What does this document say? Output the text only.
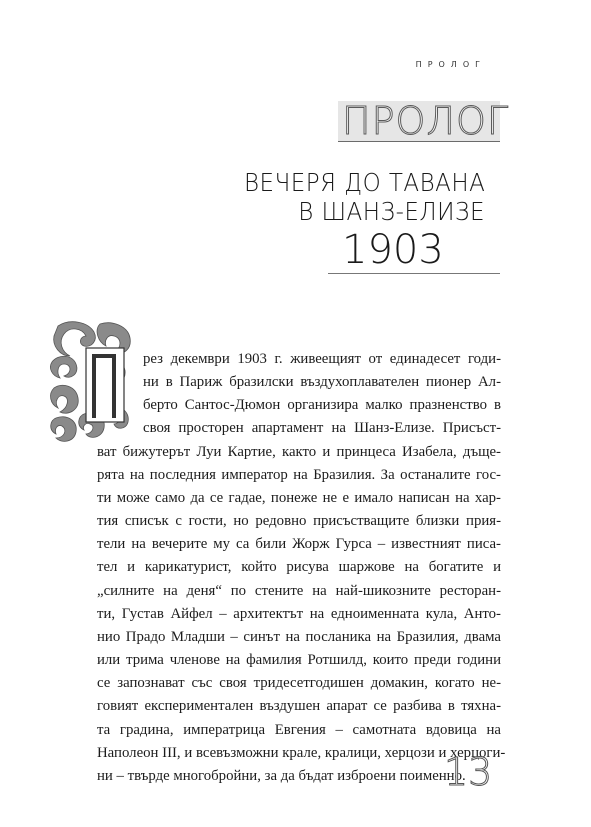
ПРОЛОГ
ПРОЛОГ
ВЕЧЕРЯ ДО ТАВАНА
В ШАНЗ-ЕЛИЗЕ
1903
рез декември 1903 г. живеещият от единадесет годи-
ни в Париж бразилски въздухоплавателен пионер Ал-
берто Сантос-Дюмон организира малко празненство в
своя просторен апартамент на Шанз-Елизе. Присъст-
ват бижутерът Луи Картие, както и принцеса Изабела, дъще-
рята на последния император на Бразилия. За останалите гос-
ти може само да се гадае, понеже не е имало написан на хар-
тия списък с гости, но редовно присъстващите близки прия-
тели на вечерите му са били Жорж Гурса – известният писа-
тел и карикатурист, който рисува шаржове на богатите и
„силните на деня“ по стените на най-шикозните ресторан-
ти, Густав Айфел – архитектът на едноименната кула, Анто-
нио Прадо Младши – синът на посланика на Бразилия, двама
или трима членове на фамилия Ротшилд, които преди години
се запознават със своя тридесетгодишен домакин, когато не-
говият експериментален въздушен апарат се разбива в тяхна-
та градина, императрица Евгения – самотната вдовица на
Наполеон III, и всевъзможни крале, кралици, херцози и херцоги-
ни – твърде многобройни, за да бъдат изброени поименно.
13
